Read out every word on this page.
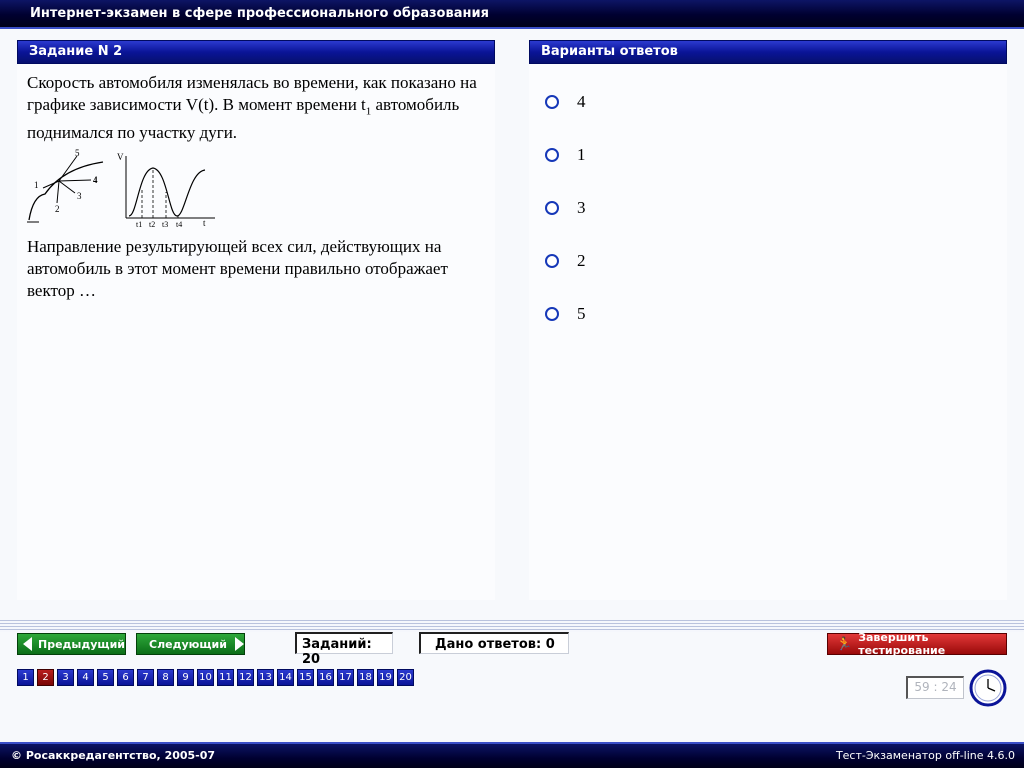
Интернет-экзамен в сфере профессионального образования
Задание N 2
Скорость автомобиля изменялась во времени, как показано на графике зависимости V(t). В момент времени $t_1$ автомобиль поднимался по участку дуги.
5
4
3
2
1
V
t
t1 t2 t3 t4
Направление результирующей всех сил, действующих на автомобиль в этот момент времени правильно отображает вектор …
Варианты ответов
4
1
3
2
5
Предыдущий Следующий	Заданий: 20
Дано ответов: 0	🏃 Завершить тестирование
1	2	3	4	5	6	7	8	9	10 11 12 13 14 15 16 17 18 19 20
59 : 24
© Росаккредагентство, 2005-07	Тест-Экзаменатор off-line 4.6.0
